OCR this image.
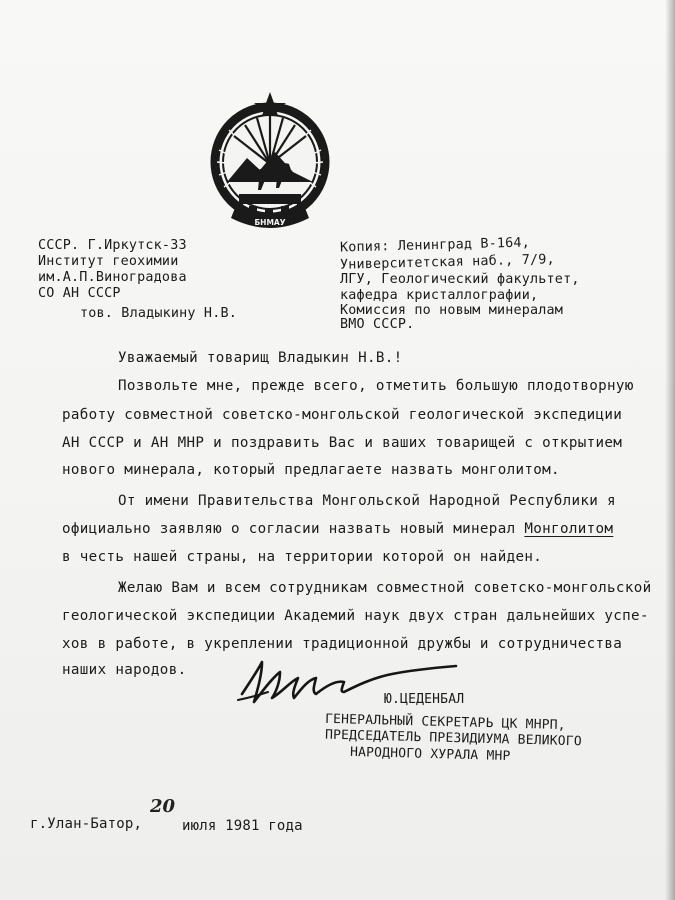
БНМАУ
СССР. Г.Иркутск-33
Институт геохимии
им.А.П.Виноградова
СО АН СССР
тов. Владыкину Н.В.
Копия: Ленинград В-164,
Университетская наб., 7/9,
ЛГУ, Геологический факультет,
кафедра кристаллографии,
Комиссия по новым минералам
ВМО СССР.
Уважаемый товарищ Владыкин Н.В.!
Позвольте мне, прежде всего, отметить большую плодотворную
работу совместной советско-монгольской геологической экспедиции
АН СССР и АН МНР и поздравить Вас и ваших товарищей с открытием
нового минерала, который предлагаете назвать монголитом.
От имени Правительства Монгольской Народной Республики я
официально заявляю о согласии назвать новый минерал Монголитом
в честь нашей страны, на территории которой он найден.
Желаю Вам и всем сотрудникам совместной советско-монгольской
геологической экспедиции Академий наук двух стран дальнейших успе-
хов в работе, в укреплении традиционной дружбы и сотрудничества
наших народов.
Ю.ЦЕДЕНБАЛ
ГЕНЕРАЛЬНЫЙ СЕКРЕТАРЬ ЦК МНРП,
ПРЕДСЕДАТЕЛЬ ПРЕЗИДИУМА ВЕЛИКОГО
НАРОДНОГО ХУРАЛА МНР
г.Улан-Батор,
20
июля 1981 года
